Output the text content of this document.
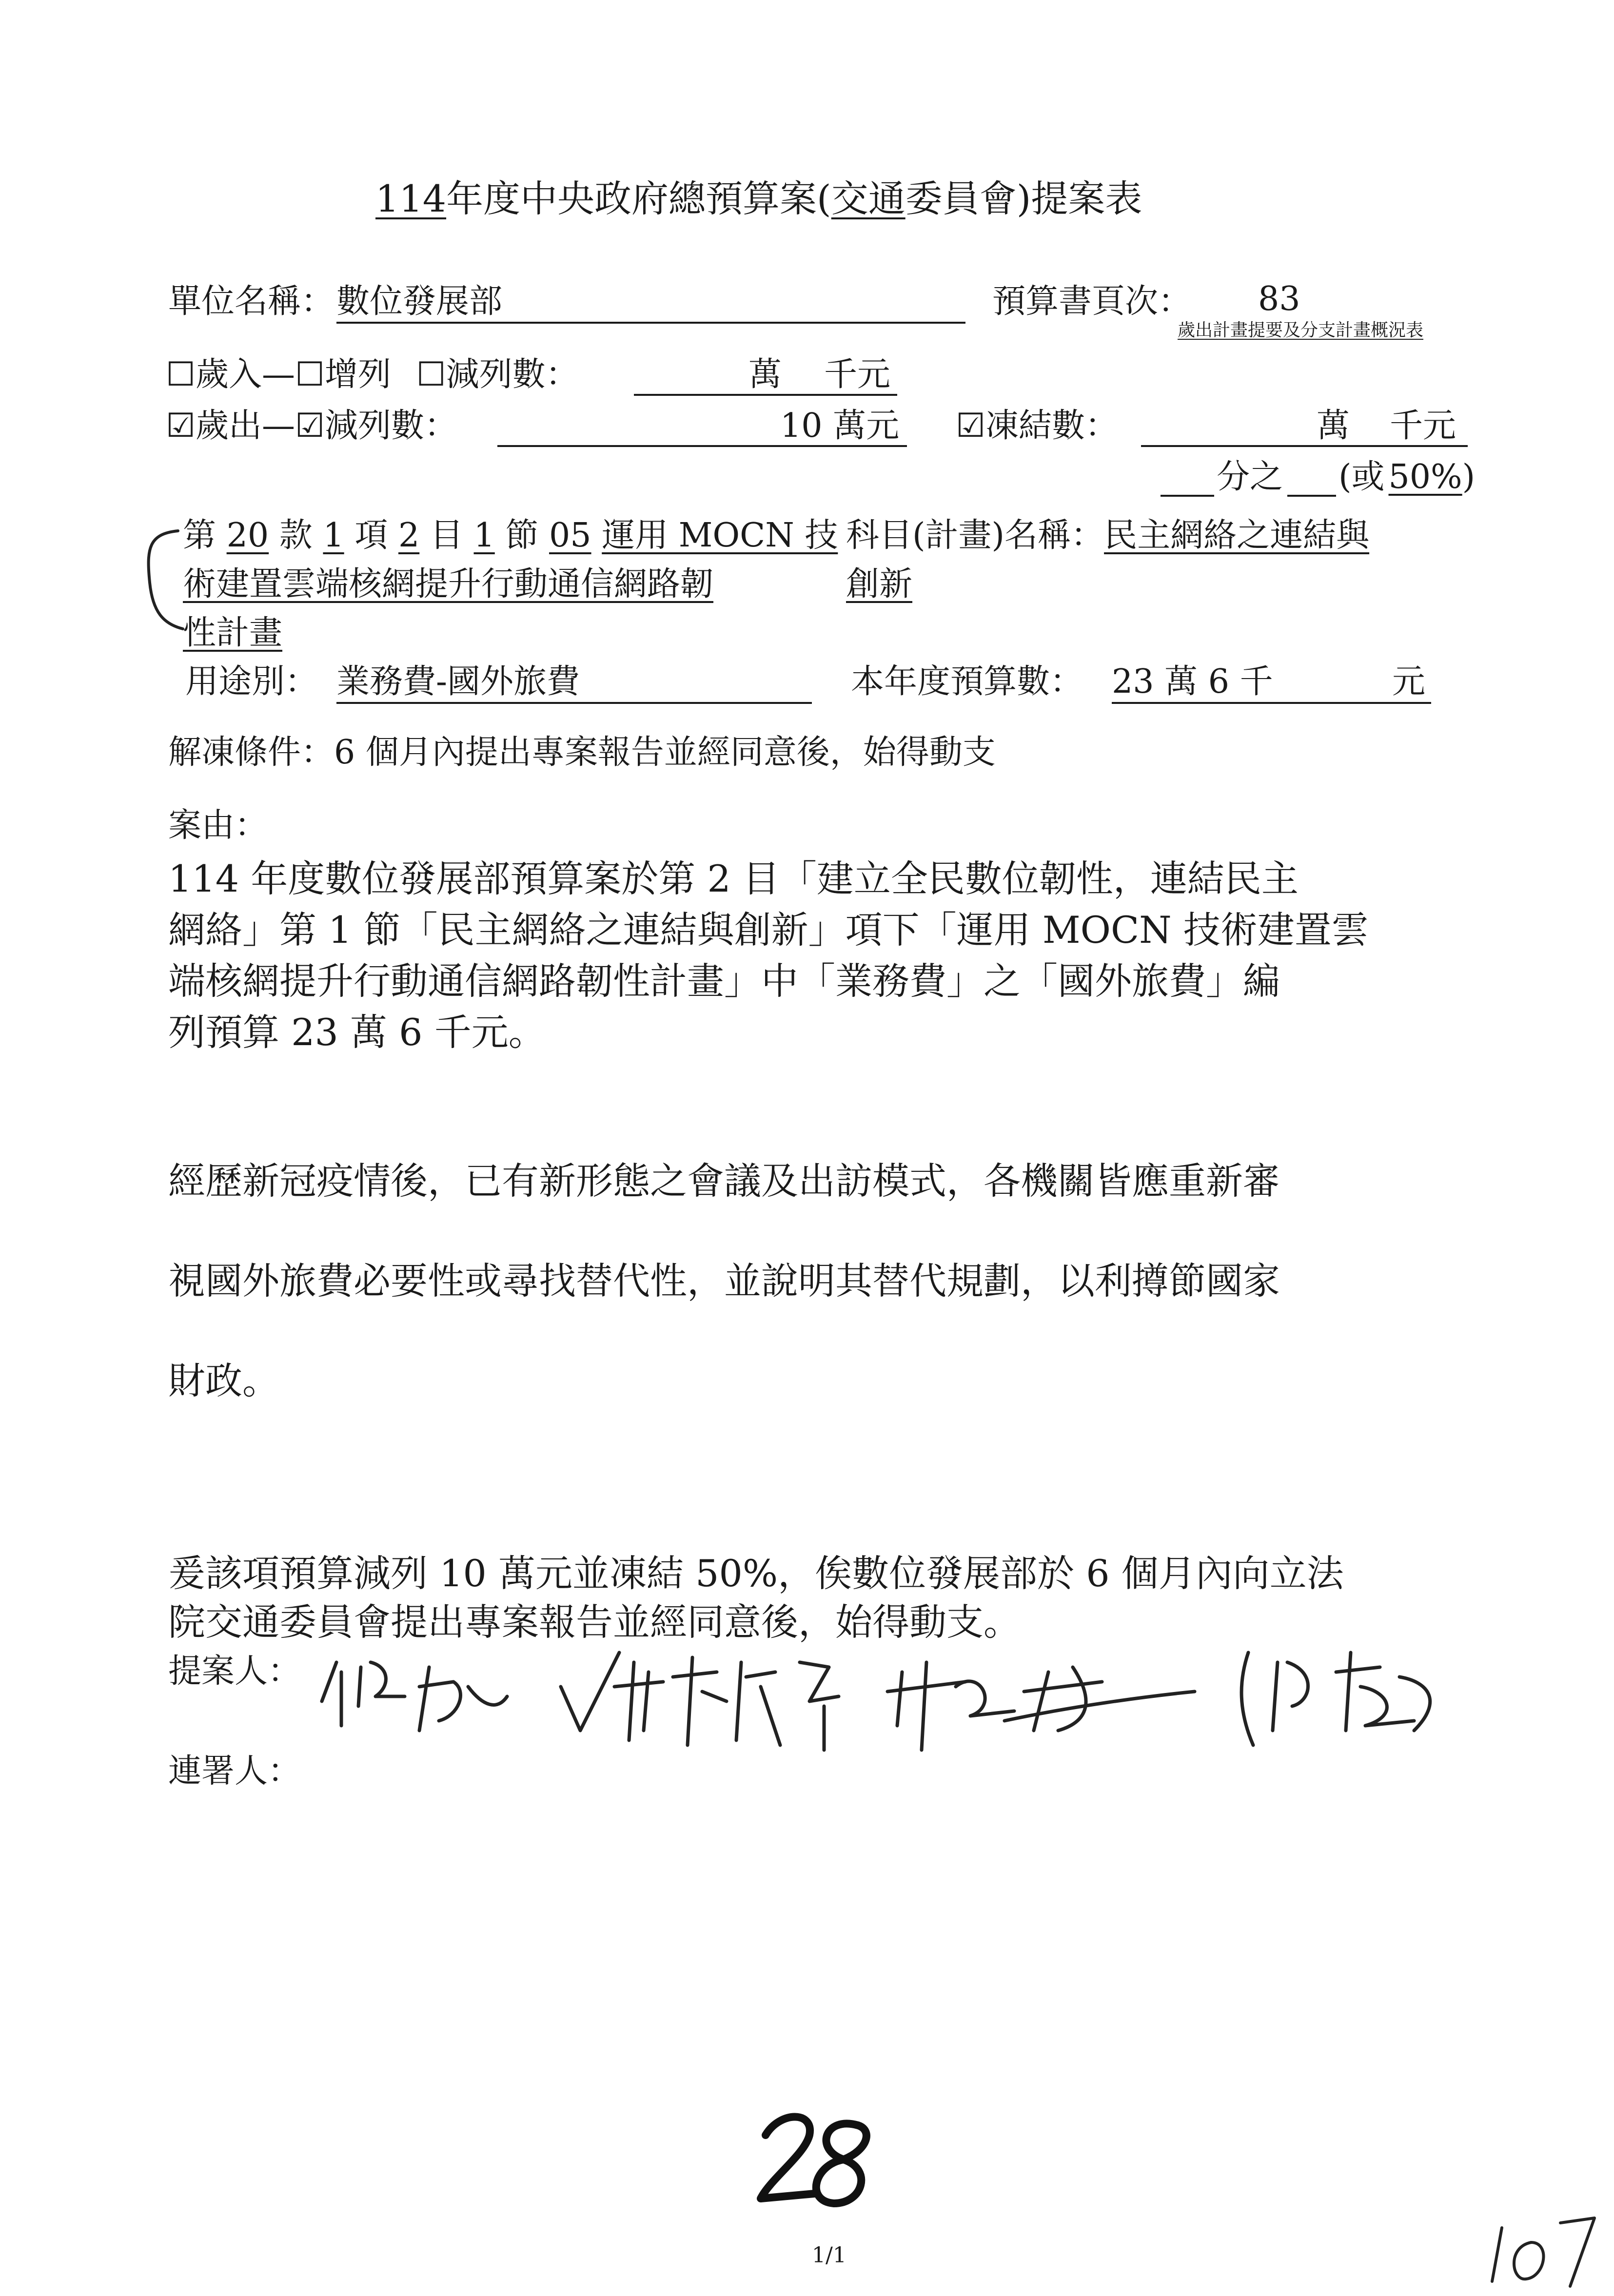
114年度中央政府總預算案(交通委員會)提案表
單位名稱： 數位發展部	預算書頁次： 83
歲出計畫提要及分支計畫概況表
☐歲入—☐增列 ☐減列數：	萬 千元
☑歲出—☑減列數：	10 萬元 ☑凍結數：	萬 千元
分之 (或 50%)
第 20 款 1 項 2 目 1 節 05 運用 MOCN 技
術建置雲端核網提升行動通信網路韌
性計畫
科目(計畫)名稱：民主網絡之連結與
創新
用途別： 業務費-國外旅費	本年度預算數： 23 萬 6 千	元
解凍條件：6 個月內提出專案報告並經同意後，始得動支
案由：
114 年度數位發展部預算案於第 2 目「建立全民數位韌性，連結民主
網絡」第 1 節「民主網絡之連結與創新」項下「運用 MOCN 技術建置雲
端核網提升行動通信網路韌性計畫」中「業務費」之「國外旅費」編
列預算 23 萬 6 千元。
經歷新冠疫情後，已有新形態之會議及出訪模式，各機關皆應重新審
視國外旅費必要性或尋找替代性，並說明其替代規劃，以利撙節國家
財政。
爰該項預算減列 10 萬元並凍結 50%，俟數位發展部於 6 個月內向立法
院交通委員會提出專案報告並經同意後，始得動支。
提案人：
連署人：
1/1
